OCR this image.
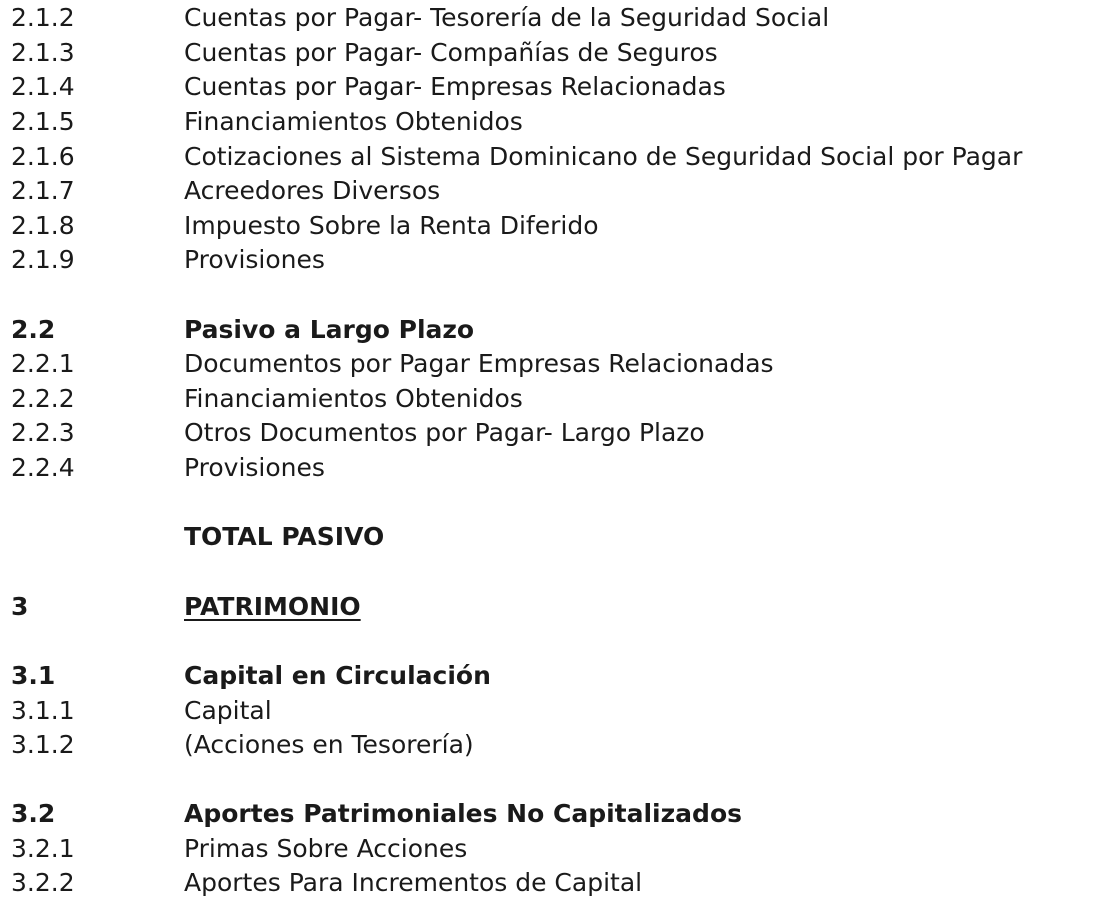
2.1.2	Cuentas por Pagar- Tesorería de la Seguridad Social
2.1.3	Cuentas por Pagar- Compañías de Seguros
2.1.4	Cuentas por Pagar- Empresas Relacionadas
2.1.5	Financiamientos Obtenidos
2.1.6	Cotizaciones al Sistema Dominicano de Seguridad Social por Pagar
2.1.7	Acreedores Diversos
2.1.8	Impuesto Sobre la Renta Diferido
2.1.9	Provisiones
2.2	Pasivo a Largo Plazo
2.2.1	Documentos por Pagar Empresas Relacionadas
2.2.2	Financiamientos Obtenidos
2.2.3	Otros Documentos por Pagar- Largo Plazo
2.2.4	Provisiones
TOTAL PASIVO
3	PATRIMONIO
3.1	Capital en Circulación
3.1.1	Capital
3.1.2	(Acciones en Tesorería)
3.2	Aportes Patrimoniales No Capitalizados
3.2.1	Primas Sobre Acciones
3.2.2	Aportes Para Incrementos de Capital
